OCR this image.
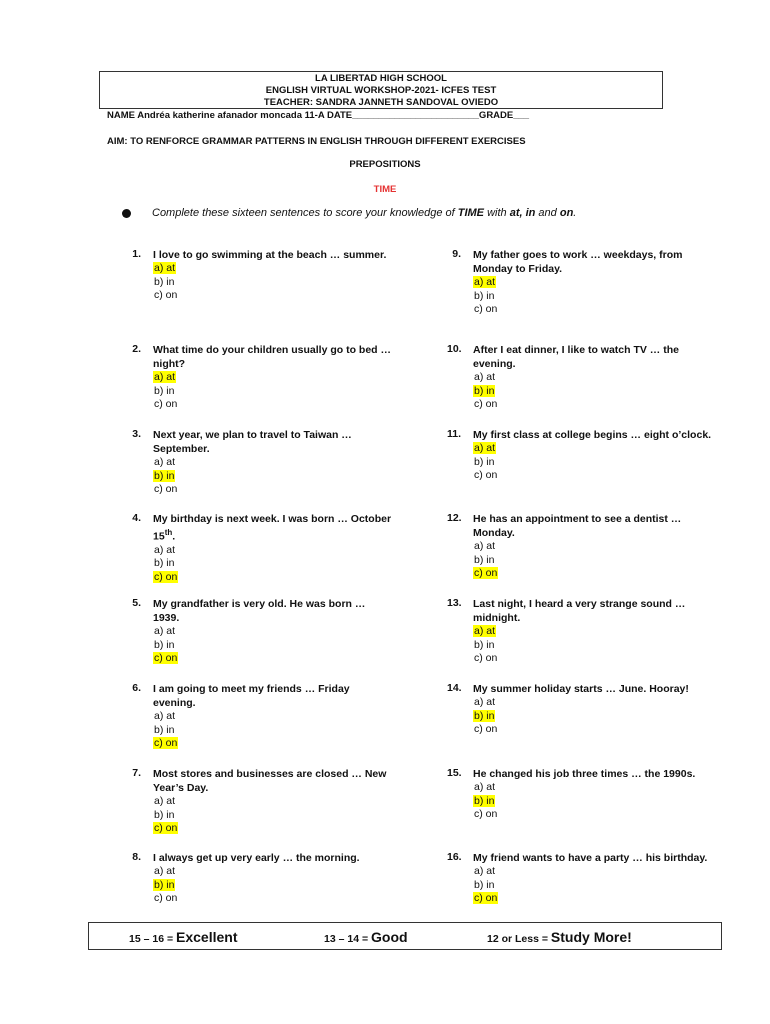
LA LIBERTAD HIGH SCHOOL
ENGLISH VIRTUAL WORKSHOP-2021- ICFES TEST
TEACHER: SANDRA JANNETH SANDOVAL OVIEDO
NAME Andréa katherine afanador moncada 11-A DATE________________________GRADE___
AIM: TO RENFORCE GRAMMAR PATTERNS IN ENGLISH THROUGH DIFFERENT EXERCISES
PREPOSITIONS
TIME
Complete these sixteen sentences to score your knowledge of TIME with at, in and on.
1. I love to go swimming at the beach … summer.
a) at
b) in
c) on
2. What time do your children usually go to bed … night?
a) at
b) in
c) on
3. Next year, we plan to travel to Taiwan … September.
a) at
b) in
c) on
4. My birthday is next week. I was born … October 15th.
a) at
b) in
c) on
5. My grandfather is very old. He was born … 1939.
a) at
b) in
c) on
6. I am going to meet my friends … Friday evening.
a) at
b) in
c) on
7. Most stores and businesses are closed … New Year’s Day.
a) at
b) in
c) on
8. I always get up very early … the morning.
a) at
b) in
c) on
9. My father goes to work … weekdays, from Monday to Friday.
a) at
b) in
c) on
10. After I eat dinner, I like to watch TV … the evening.
a) at
b) in
c) on
11. My first class at college begins … eight o’clock.
a) at
b) in
c) on
12. He has an appointment to see a dentist … Monday.
a) at
b) in
c) on
13. Last night, I heard a very strange sound … midnight.
a) at
b) in
c) on
14. My summer holiday starts … June. Hooray!
a) at
b) in
c) on
15. He changed his job three times … the 1990s.
a) at
b) in
c) on
16. My friend wants to have a party … his birthday.
a) at
b) in
c) on
15 – 16 = Excellent	13 – 14 = Good	12 or Less = Study More!
